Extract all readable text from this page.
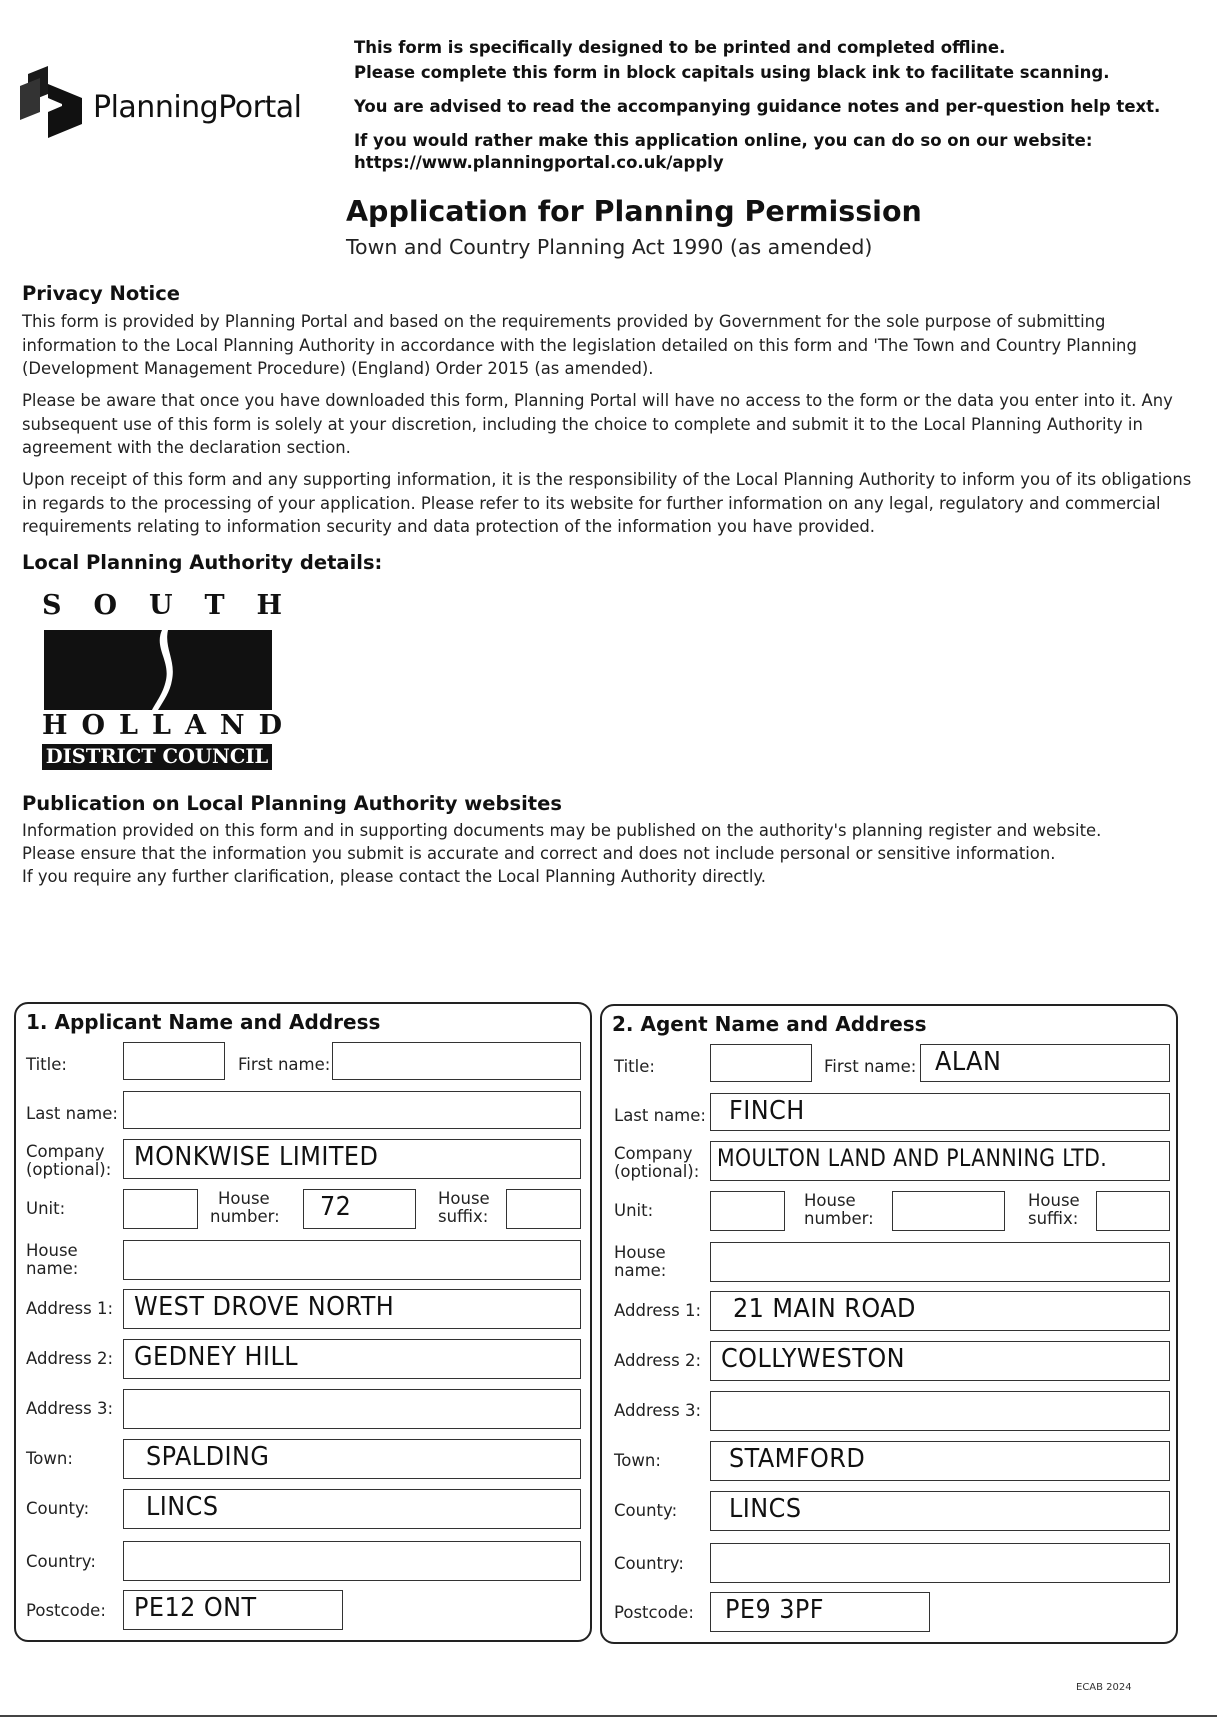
PlanningPortal
This form is specifically designed to be printed and completed offline.
Please complete this form in block capitals using black ink to facilitate scanning.
You are advised to read the accompanying guidance notes and per-question help text.
If you would rather make this application online, you can do so on our website:
https://www.planningportal.co.uk/apply
Application for Planning Permission
Town and Country Planning Act 1990 (as amended)
Privacy Notice
This form is provided by Planning Portal and based on the requirements provided by Government for the sole purpose of submitting information to the Local Planning Authority in accordance with the legislation detailed on this form and 'The Town and Country Planning (Development Management Procedure) (England) Order 2015 (as amended).
Please be aware that once you have downloaded this form, Planning Portal will have no access to the form or the data you enter into it. Any subsequent use of this form is solely at your discretion, including the choice to complete and submit it to the Local Planning Authority in agreement with the declaration section.
Upon receipt of this form and any supporting information, it is the responsibility of the Local Planning Authority to inform you of its obligations in regards to the processing of your application. Please refer to its website for further information on any legal, regulatory and commercial requirements relating to information security and data protection of the information you have provided.
Local Planning Authority details:
S O U T H
H O L L A N D
DISTRICT COUNCIL
Publication on Local Planning Authority websites
Information provided on this form and in supporting documents may be published on the authority's planning register and website.
Please ensure that the information you submit is accurate and correct and does not include personal or sensitive information.
If you require any further clarification, please contact the Local Planning Authority directly.
1. Applicant Name and Address
Title:	First name:
Last name:
Company
(optional): MONKWISE LIMITED
Unit:
House
number: 72	House
suffix:
House
name:
Address 1: WEST DROVE NORTH
Address 2: GEDNEY HILL
Address 3:
Town:	SPALDING
County: LINCS
Country:
Postcode: PE12 ONT
2. Agent Name and Address
Title:	First name: ALAN
Last name: FINCH
Company
(optional): MOULTON LAND AND PLANNING LTD.
Unit:
House
number:
House
suffix:
House
name:
Address 1: 21 MAIN ROAD
Address 2: COLLYWESTON
Address 3:
Town:	STAMFORD
County: LINCS
Country:
Postcode: PE9 3PF
ECAB 2024
